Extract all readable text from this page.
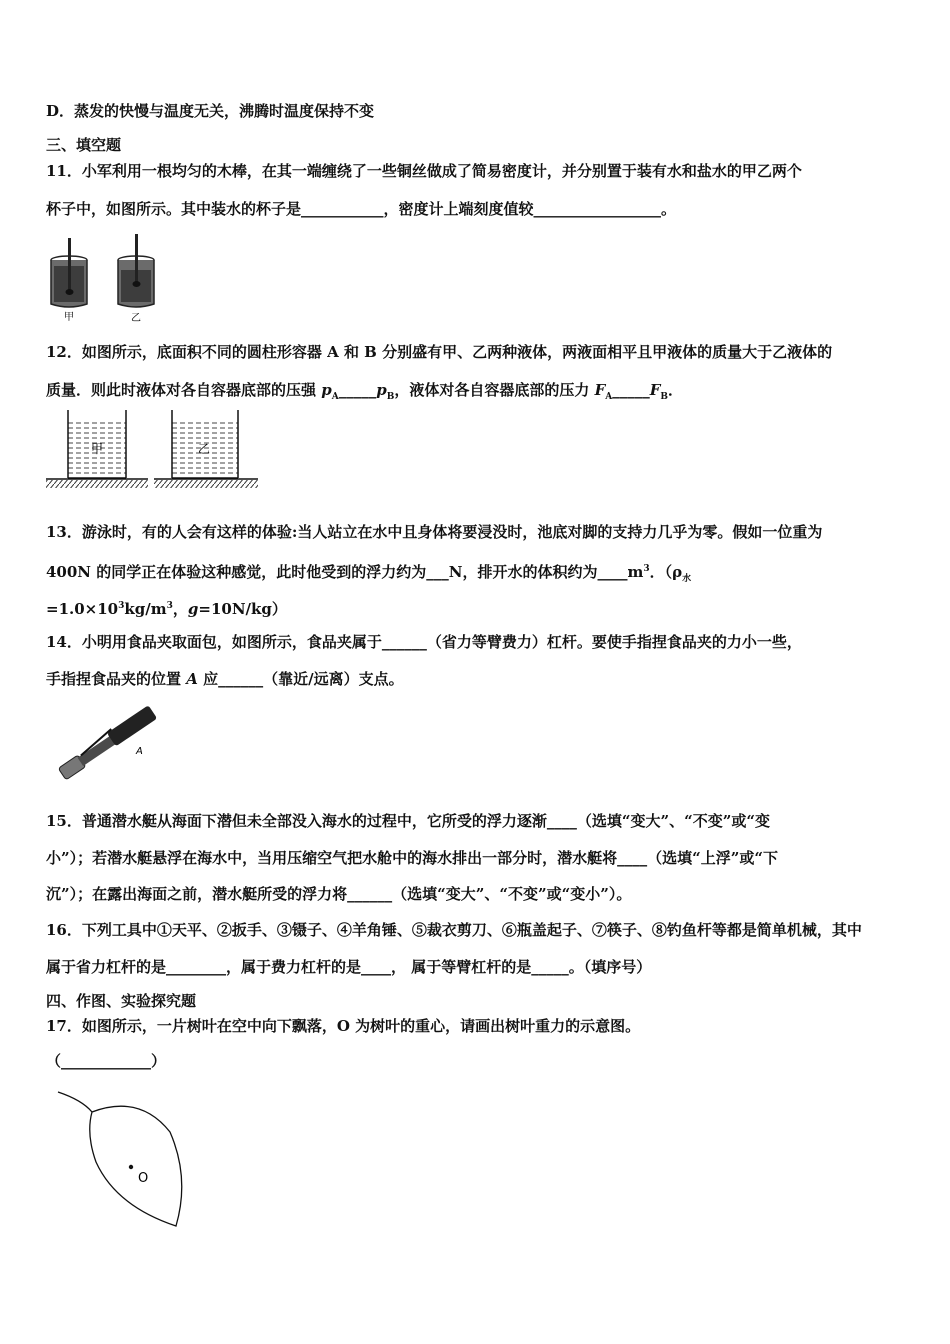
D．蒸发的快慢与温度无关，沸腾时温度保持不变
三、填空题
11．小军利用一根均匀的木棒，在其一端缠绕了一些铜丝做成了简易密度计，并分别置于装有水和盐水的甲乙两个
杯子中，如图所示。其中装水的杯子是___________，密度计上端刻度值较_________________。
甲	乙
12．如图所示，底面积不同的圆柱形容器 A 和 B 分别盛有甲、乙两种液体，两液面相平且甲液体的质量大于乙液体的
质量．则此时液体对各自容器底部的压强 $p_A\_\_\_\_\_p_B$，液体对各自容器底部的压力 $F_A\_\_\_\_\_F_B$．
甲	乙
13．游泳时，有的人会有这样的体验:当人站立在水中且身体将要浸没时，池底对脚的支持力几乎为零。假如一位重为
400N 的同学正在体验这种感觉，此时他受到的浮力约为___N，排开水的体积约为$\_\_\_\_m^3$．（$\rho_水$
$=1.0\times 10^3kg/m^3$，g=10N/kg）
14．小明用食品夹取面包，如图所示，食品夹属于______（省力等臂费力）杠杆。要使手指捏食品夹的力小一些，
手指捏食品夹的位置 A 应______（靠近/远离）支点。
A
15．普通潜水艇从海面下潜但未全部没入海水的过程中，它所受的浮力逐渐____（选填“变大”、“不变”或“变
小”）；若潜水艇悬浮在海水中，当用压缩空气把水舱中的海水排出一部分时，潜水艇将____（选填“上浮”或“下
沉”）；在露出海面之前，潜水艇所受的浮力将______（选填“变大”、“不变”或“变小”）。
16．下列工具中①天平、②扳手、③镊子、④羊角锤、⑤裁衣剪刀、⑥瓶盖起子、⑦筷子、⑧钓鱼杆等都是简单机械，其中
属于省力杠杆的是________，属于费力杠杆的是____， 属于等臂杠杆的是_____。（填序号）
四、作图、实验探究题
17．如图所示，一片树叶在空中向下飘落，O 为树叶的重心，请画出树叶重力的示意图。
（____________）
O
